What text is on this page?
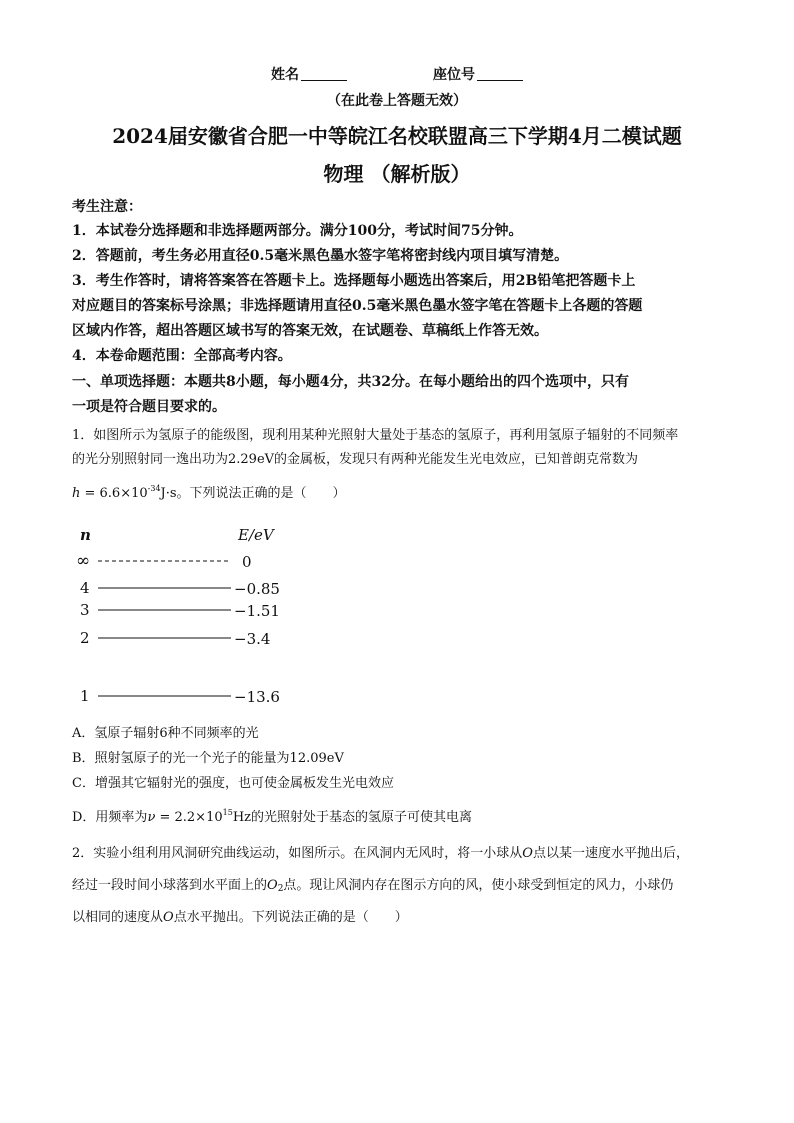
姓名	座位号
（在此卷上答题无效）
2024届安徽省合肥一中等皖江名校联盟高三下学期4月二模试题
物理 （解析版）
考生注意：
1．本试卷分选择题和非选择题两部分。满分100分，考试时间75分钟。
2．答题前，考生务必用直径0.5毫米黑色墨水签字笔将密封线内项目填写清楚。
3．考生作答时，请将答案答在答题卡上。选择题每小题选出答案后，用2B铅笔把答题卡上
对应题目的答案标号涂黑；非选择题请用直径0.5毫米黑色墨水签字笔在答题卡上各题的答题
区域内作答，超出答题区域书写的答案无效，在试题卷、草稿纸上作答无效。
4．本卷命题范围：全部高考内容。
一、单项选择题：本题共8小题，每小题4分，共32分。在每小题给出的四个选项中，只有
一项是符合题目要求的。
1．如图所示为氢原子的能级图，现利用某种光照射大量处于基态的氢原子，再利用氢原子辐射的不同频率
的光分别照射同一逸出功为2.29eV的金属板，发现只有两种光能发生光电效应，已知普朗克常数为
$h = 6.6\times 10^{-34}J\cdot s$。下列说法正确的是（　　）
n	E/eV
∞	0
4	−0.85
3	−1.51
2	−3.4
1	−13.6
A．氢原子辐射6种不同频率的光
B．照射氢原子的光一个光子的能量为12.09eV
C．增强其它辐射光的强度，也可使金属板发生光电效应
D．用频率为$\nu = 2.2\times 10^{15}Hz$的光照射处于基态的氢原子可使其电离
2．实验小组利用风洞研究曲线运动，如图所示。在风洞内无风时，将一小球从O点以某一速度水平抛出后，
经过一段时间小球落到水平面上的$O_2$点。现让风洞内存在图示方向的风，使小球受到恒定的风力，小球仍
以相同的速度从O点水平抛出。下列说法正确的是（　　）
